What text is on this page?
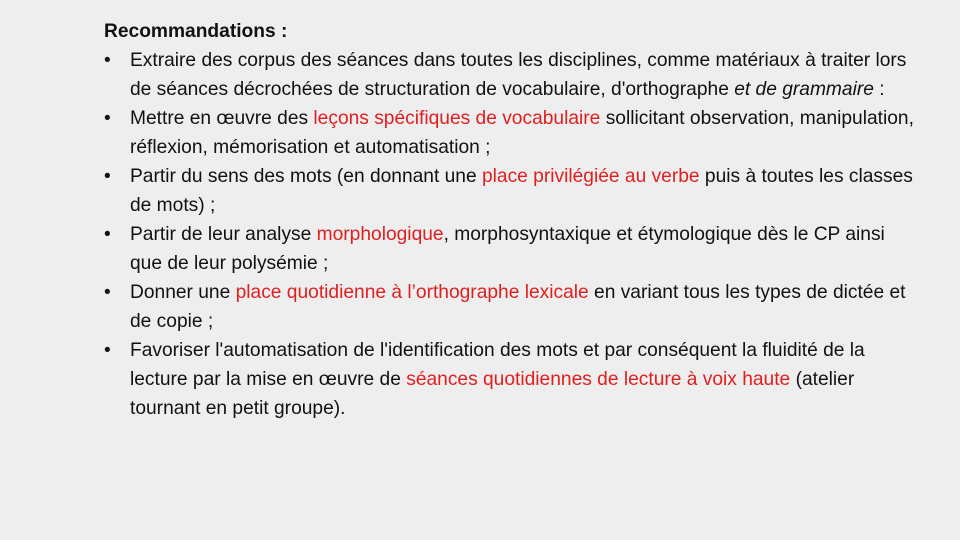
Recommandations :

•	Extraire des corpus des séances dans toutes les disciplines, comme matériaux à traiter lors de séances décrochées de structuration de vocabulaire, d'orthographe et de grammaire :
•	Mettre en œuvre des leçons spécifiques de vocabulaire sollicitant observation, manipulation, réflexion, mémorisation et automatisation ;
•	Partir du sens des mots (en donnant une place privilégiée au verbe puis à toutes les classes de mots) ;
•	Partir de leur analyse morphologique, morphosyntaxique et étymologique dès le CP ainsi que de leur polysémie ;
•	Donner une place quotidienne à l’orthographe lexicale en variant tous les types de dictée et de copie ;
•	Favoriser l'automatisation de l'identification des mots et par conséquent la fluidité de la lecture par la mise en œuvre de séances quotidiennes de lecture à voix haute (atelier tournant en petit groupe).
